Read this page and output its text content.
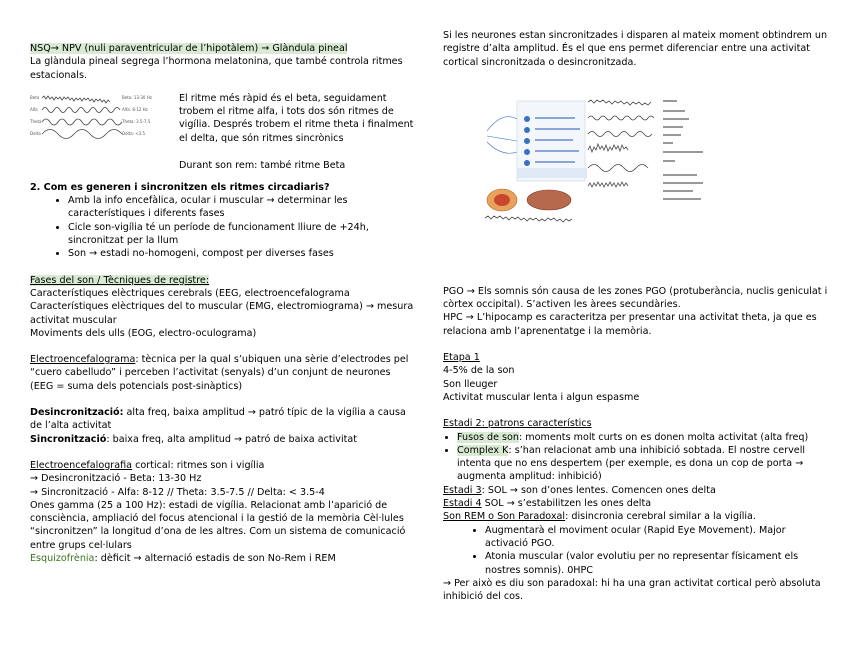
NSQ→ NPV (nuli paraventricular de l’hipotàlem) → Glàndula pineal

La glàndula pineal segrega l’hormona melatonina, que també controla ritmes estacionals.

Beta
Alfa
Theta
Delta
Beta: 13-30 Hz
Alfa: 8-12 Hz
Theta: 3.5-7.5
Delta: <3.5

El ritme més ràpid és el beta, seguidament trobem el ritme alfa, i tots dos són ritmes de vigília. Després trobem el ritme theta i finalment el delta, que són ritmes sincrònics

Durant son rem: també ritme Beta

2. Com es generen i sincronitzen els ritmes circadiaris?

• Amb la info encefàlica, ocular i muscular → determinar les característiques i diferents fases
• Cicle son-vigília té un període de funcionament lliure de +24h, sincronitzat per la llum
• Son → estadi no-homogeni, compost per diverses fases

Fases del son / Tècniques de registre:

Característiques elèctriques cerebrals (EEG, electroencefalograma

Característiques elèctriques del to muscular (EMG, electromiograma) → mesura activitat muscular

Moviments dels ulls (EOG, electro-oculograma)

Electroencefalograma: tècnica per la qual s’ubiquen una sèrie d’electrodes pel “cuero cabelludo” i perceben l’activitat (senyals) d’un conjunt de neurones (EEG = suma dels potencials post-sinàptics)

Desincronització: alta freq, baixa amplitud → patró típic de la vigília a causa de l’alta activitat

Sincronització: baixa freq, alta amplitud → patró de baixa activitat

Electroencefalografia cortical: ritmes son i vigília

→ Desincronització - Beta: 13-30 Hz

→ Sincronització - Alfa: 8-12 // Theta: 3.5-7.5 // Delta: < 3.5-4

Ones gamma (25 a 100 Hz): estadi de vigília. Relacionat amb l’aparició de consciència, ampliació del focus atencional i la gestió de la memòria Cèl·lules “sincronitzen” la longitud d’ona de les altres. Com un sistema de comunicació entre grups cel·lulars

Esquizofrènia: dèficit → alternació estadis de son No-Rem i REM

Si les neurones estan sincronitzades i disparen al mateix moment obtindrem un registre d’alta amplitud. És el que ens permet diferenciar entre una activitat cortical sincronitzada o desincronitzada.

PGO → Els somnis són causa de les zones PGO (protuberància, nuclis geniculat i còrtex occipital). S’activen les àrees secundàries.

HPC → L’hipocamp es caracteritza per presentar una activitat theta, ja que es relaciona amb l’aprenentatge i la memòria.

Etapa 1

4-5% de la son

Son lleuger

Activitat muscular lenta i algun espasme

Estadi 2: patrons característics

• Fusos de son: moments molt curts on es donen molta activitat (alta freq)
• Complex K: s’han relacionat amb una inhibició sobtada. El nostre cervell intenta que no ens despertem (per exemple, es dona un cop de porta → augmenta amplitud: inhibició)

Estadi 3: SOL → son d’ones lentes. Comencen ones delta

Estadi 4 SOL → s’estabilitzen les ones delta

Son REM o Son Paradoxal: disincronia cerebral similar a la vigília.

• Augmentarà el moviment ocular (Rapid Eye Movement). Major activació PGO.
• Atonia muscular (valor evolutiu per no representar físicament els nostres somnis). 0HPC

→ Per això es diu son paradoxal: hi ha una gran activitat cortical però absoluta inhibició del cos.
